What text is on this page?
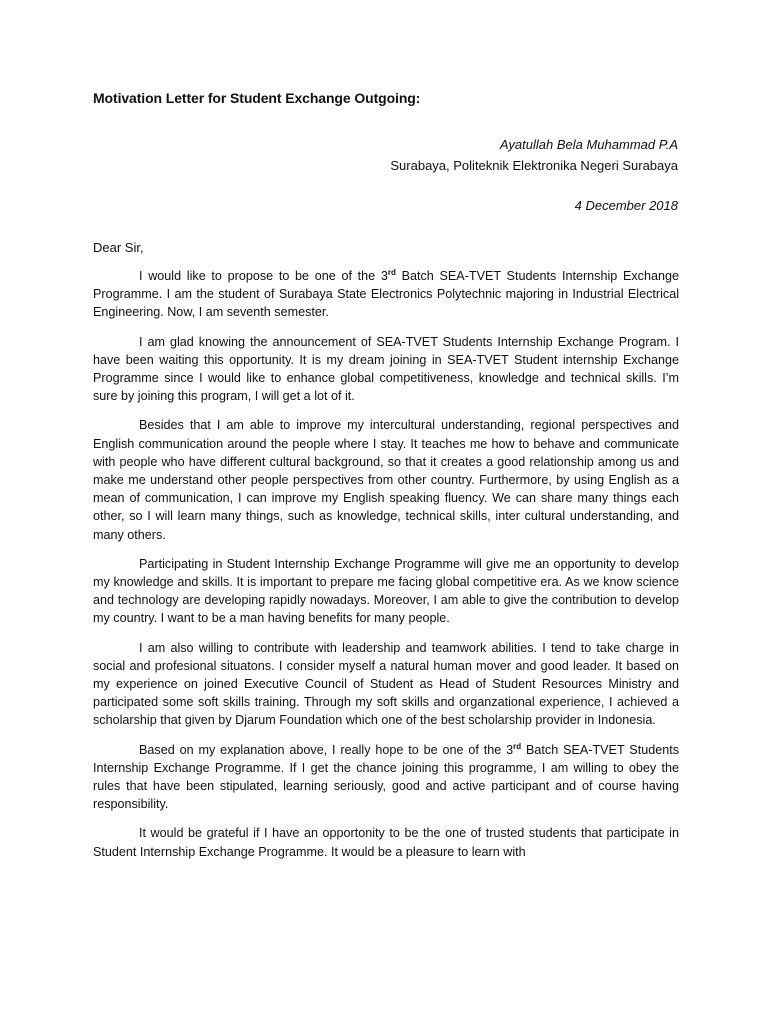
Motivation Letter for Student Exchange Outgoing:
Ayatullah Bela Muhammad P.A
Surabaya, Politeknik Elektronika Negeri Surabaya
4 December 2018
Dear Sir,

I would like to propose to be one of the 3rd Batch SEA-TVET Students Internship Exchange Programme. I am the student of Surabaya State Electronics Polytechnic majoring in Industrial Electrical Engineering. Now, I am seventh semester.

I am glad knowing the announcement of SEA-TVET Students Internship Exchange Program. I have been waiting this opportunity. It is my dream joining in SEA-TVET Student internship Exchange Programme since I would like to enhance global competitiveness, knowledge and technical skills. I’m sure by joining this program, I will get a lot of it.

Besides that I am able to improve my intercultural understanding, regional perspectives and English communication around the people where I stay. It teaches me how to behave and communicate with people who have different cultural background, so that it creates a good relationship among us and make me understand other people perspectives from other country. Furthermore, by using English as a mean of communication, I can improve my English speaking fluency. We can share many things each other, so I will learn many things, such as knowledge, technical skills, inter cultural understanding, and many others.

Participating in Student Internship Exchange Programme will give me an opportunity to develop my knowledge and skills. It is important to prepare me facing global competitive era. As we know science and technology are developing rapidly nowadays. Moreover, I am able to give the contribution to develop my country. I want to be a man having benefits for many people.

I am also willing to contribute with leadership and teamwork abilities. I tend to take charge in social and profesional situatons. I consider myself a natural human mover and good leader. It based on my experience on joined Executive Council of Student as Head of Student Resources Ministry and participated some soft skills training. Through my soft skills and organzational experience, I achieved a scholarship that given by Djarum Foundation which one of the best scholarship provider in Indonesia.

Based on my explanation above, I really hope to be one of the 3rd Batch SEA-TVET Students Internship Exchange Programme. If I get the chance joining this programme, I am willing to obey the rules that have been stipulated, learning seriously, good and active participant and of course having responsibility.

It would be grateful if I have an opportonity to be the one of trusted students that participate in Student Internship Exchange Programme. It would be a pleasure to learn with
